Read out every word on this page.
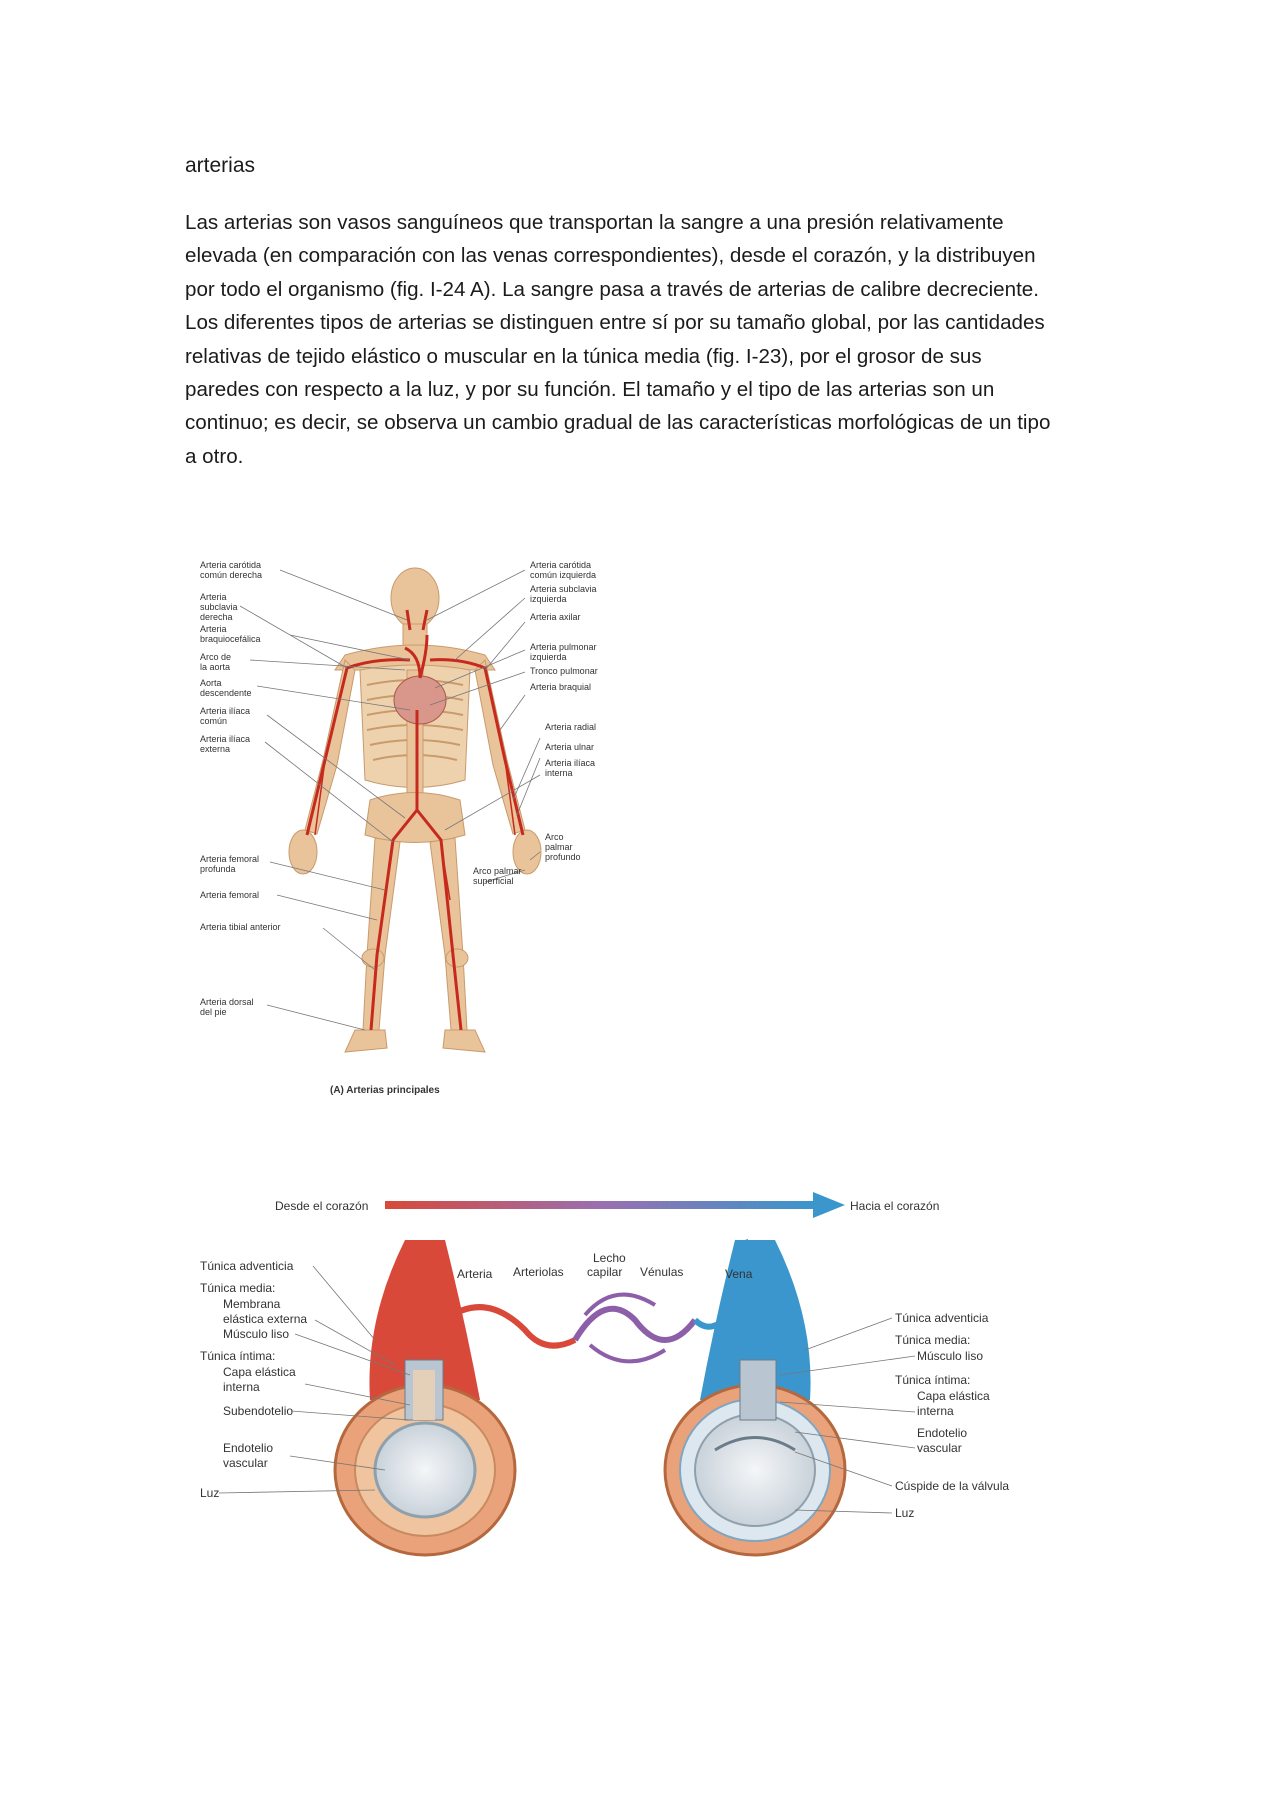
arterias
Las arterias son vasos sanguíneos que transportan la sangre a una presión relativamente
elevada (en comparación con las venas correspondientes), desde el corazón, y la distribuyen
por todo el organismo (fig. I-24 A). La sangre pasa a través de arterias de calibre decreciente.
Los diferentes tipos de arterias se distinguen entre sí por su tamaño global, por las cantidades
relativas de tejido elástico o muscular en la túnica media (fig. I-23), por el grosor de sus
paredes con respecto a la luz, y por su función. El tamaño y el tipo de las arterias son un
continuo; es decir, se observa un cambio gradual de las características morfológicas de un tipo
a otro.
Arteria carótida
común derecha
Arteria
subclavia
derecha
Arteria
braquiocefálica
Arco de
la aorta
Aorta
descendente
Arteria ilíaca
común
Arteria ilíaca
externa
Arteria femoral
profunda
Arteria femoral
Arteria tibial anterior
Arteria dorsal
del pie
Arteria carótida
común izquierda
Arteria subclavia
izquierda
Arteria axilar
Arteria pulmonar
izquierda
Tronco pulmonar
Arteria braquial
Arteria radial
Arteria ulnar
Arteria ilíaca
interna
Arco
palmar
profundo
Arco palmar
superficial
(A) Arterias principales
Desde el corazón	Hacia el corazón
Arteria Arteriolas
Lecho
capilar Vénulas	Vena
Túnica adventicia
Túnica media:
Membrana
elástica externa
Músculo liso
Túnica íntima:
Capa elástica
interna
Subendotelio
Endotelio
vascular
Luz
Túnica adventicia
Túnica media:
Músculo liso
Túnica íntima:
Capa elástica
interna
Endotelio
vascular
Cúspide de la válvula
Luz
